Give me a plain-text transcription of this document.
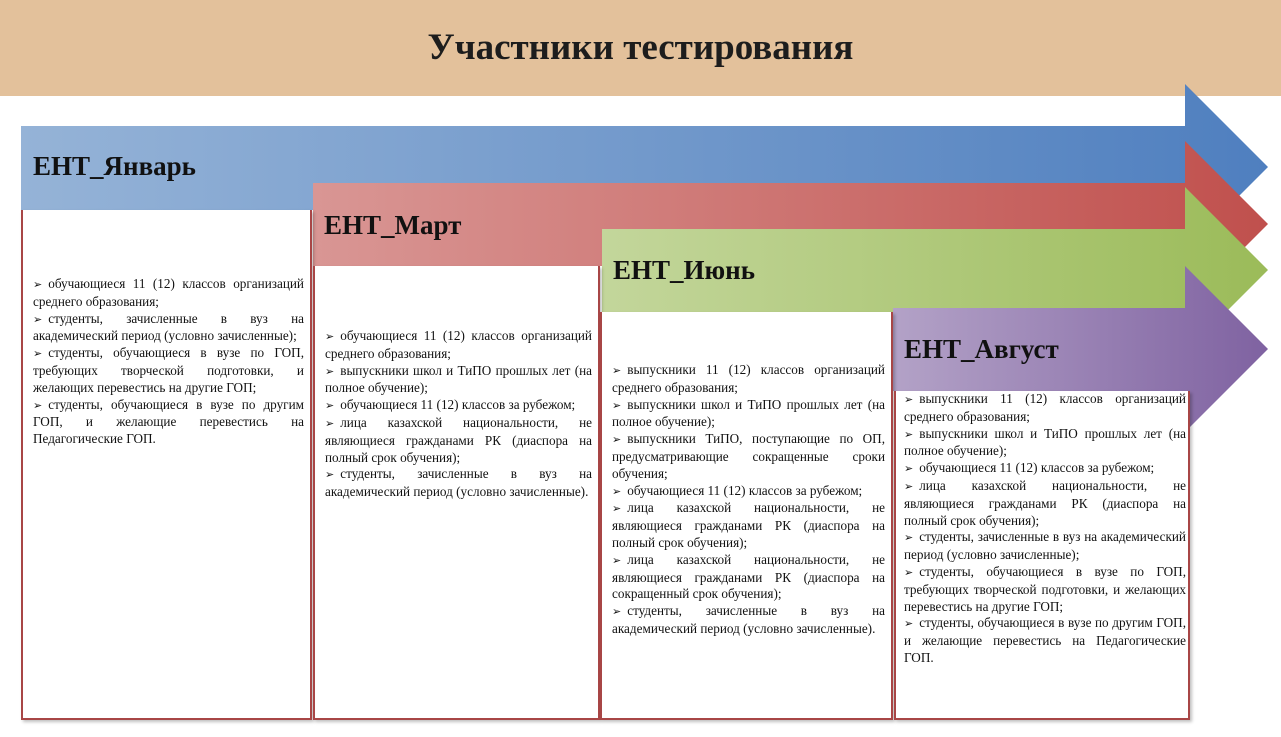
Участники тестирования
ЕНТ_Январь
ЕНТ_Март
ЕНТ_Июнь
ЕНТ_Август
➢ обучающиеся 11 (12) классов организаций среднего образования;
➢ студенты, зачисленные в вуз на академический период (условно зачисленные);
➢ студенты, обучающиеся в вузе по ГОП, требующих творческой подготовки, и желающих перевестись на другие ГОП;
➢ студенты, обучающиеся в вузе по другим ГОП, и желающие перевестись на Педагогические ГОП.
➢ обучающиеся 11 (12) классов организаций среднего образования;
➢ выпускники школ и ТиПО прошлых лет (на полное обучение);
➢ обучающиеся 11 (12) классов за рубежом;
➢ лица казахской национальности, не являющиеся гражданами РК (диаспора на полный срок обучения);
➢ студенты, зачисленные в вуз на академический период (условно зачисленные).
➢ выпускники 11 (12) классов организаций среднего образования;
➢ выпускники школ и ТиПО прошлых лет (на полное обучение);
➢ выпускники ТиПО, поступающие по ОП, предусматривающие сокращенные сроки обучения;
➢ обучающиеся 11 (12) классов за рубежом;
➢ лица казахской национальности, не являющиеся гражданами РК (диаспора на полный срок обучения);
➢ лица казахской национальности, не являющиеся гражданами РК (диаспора на сокращенный срок обучения);
➢ студенты, зачисленные в вуз на академический период (условно зачисленные).
➢ выпускники 11 (12) классов организаций среднего образования;
➢ выпускники школ и ТиПО прошлых лет (на полное обучение);
➢ обучающиеся 11 (12) классов за рубежом;
➢ лица казахской национальности, не являющиеся гражданами РК (диаспора на полный срок обучения);
➢ студенты, зачисленные в вуз на академический период (условно зачисленные);
➢ студенты, обучающиеся в вузе по ГОП, требующих творческой подготовки, и желающих перевестись на другие ГОП;
➢ студенты, обучающиеся в вузе по другим ГОП, и желающие перевестись на Педагогические ГОП.
